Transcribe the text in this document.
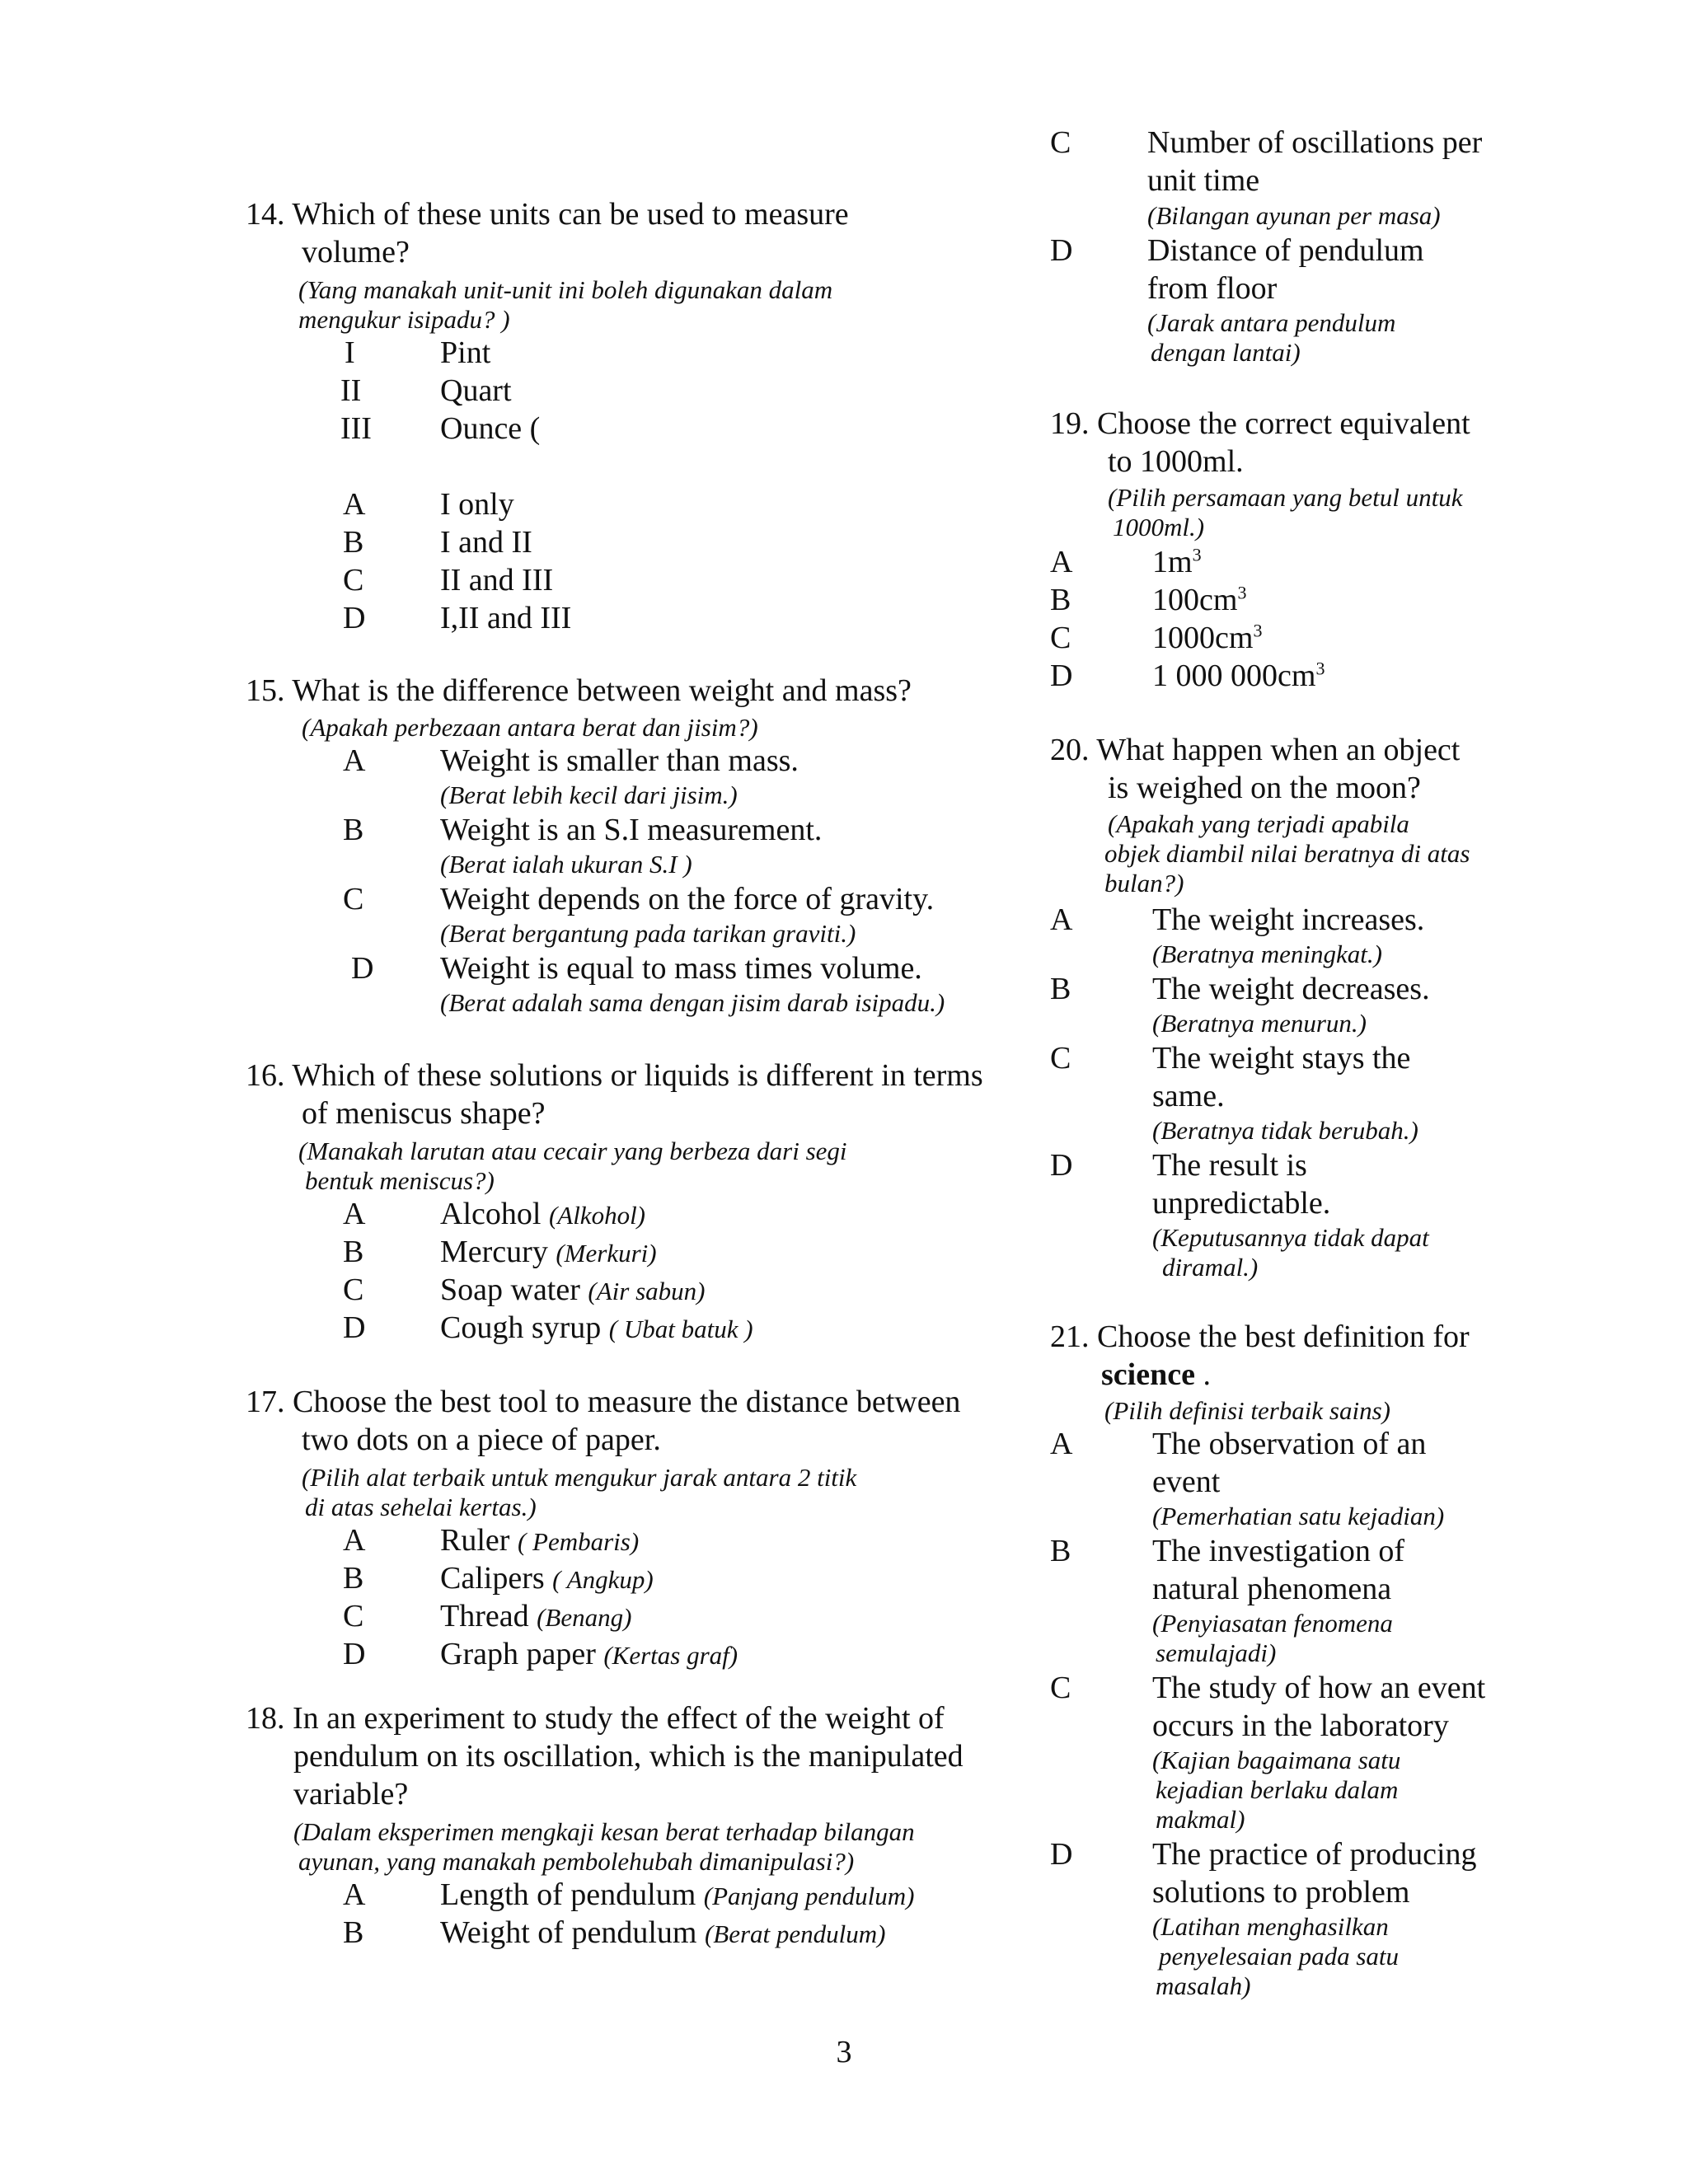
14. Which of these units can be used to measure
volume?
(Yang manakah unit-unit ini boleh digunakan dalam
mengukur isipadu? )
I	Pint
II	Quart
III Ounce (
A I only
B I and II
C II and III
D I,II and III
15. What is the difference between weight and mass?
(Apakah perbezaan antara berat dan jisim?)
A Weight is smaller than mass.
(Berat lebih kecil dari jisim.)
B Weight is an S.I measurement.
(Berat ialah ukuran S.I )
C Weight depends on the force of gravity.
(Berat bergantung pada tarikan graviti.)
D Weight is equal to mass times volume.
(Berat adalah sama dengan jisim darab isipadu.)
16. Which of these solutions or liquids is different in terms
of meniscus shape?
(Manakah larutan atau cecair yang berbeza dari segi
bentuk meniscus?)
A Alcohol (Alkohol)
B Mercury (Merkuri)
C Soap water (Air sabun)
D Cough syrup ( Ubat batuk )
17. Choose the best tool to measure the distance between
two dots on a piece of paper.
(Pilih alat terbaik untuk mengukur jarak antara 2 titik
di atas sehelai kertas.)
A Ruler ( Pembaris)
B Calipers ( Angkup)
C Thread (Benang)
D Graph paper (Kertas graf)
18. In an experiment to study the effect of the weight of
pendulum on its oscillation, which is the manipulated
variable?
(Dalam eksperimen mengkaji kesan berat terhadap bilangan
ayunan, yang manakah pembolehubah dimanipulasi?)
A Length of pendulum (Panjang pendulum)
B Weight of pendulum (Berat pendulum)
C Number of oscillations per
unit time
(Bilangan ayunan per masa)
D Distance of pendulum
from floor
(Jarak antara pendulum
dengan lantai)
19. Choose the correct equivalent
to 1000ml.
(Pilih persamaan yang betul untuk
1000ml.)
A	$1m^3$
B	$100cm^3$
C	$1000cm^3$
D	1 000 $000cm^3$
20. What happen when an object
is weighed on the moon?
(Apakah yang terjadi apabila
objek diambil nilai beratnya di atas
bulan?)
A	The weight increases.
(Beratnya meningkat.)
B	The weight decreases.
(Beratnya menurun.)
C	The weight stays the
same.
(Beratnya tidak berubah.)
D	The result is
unpredictable.
(Keputusannya tidak dapat
diramal.)
21. Choose the best definition for
science .
(Pilih definisi terbaik sains)
A	The observation of an
event
(Pemerhatian satu kejadian)
B	The investigation of
natural phenomena
(Penyiasatan fenomena
semulajadi)
C	The study of how an event
occurs in the laboratory
(Kajian bagaimana satu
kejadian berlaku dalam
makmal)
D	The practice of producing
solutions to problem
(Latihan menghasilkan
penyelesaian pada satu
masalah)
3
